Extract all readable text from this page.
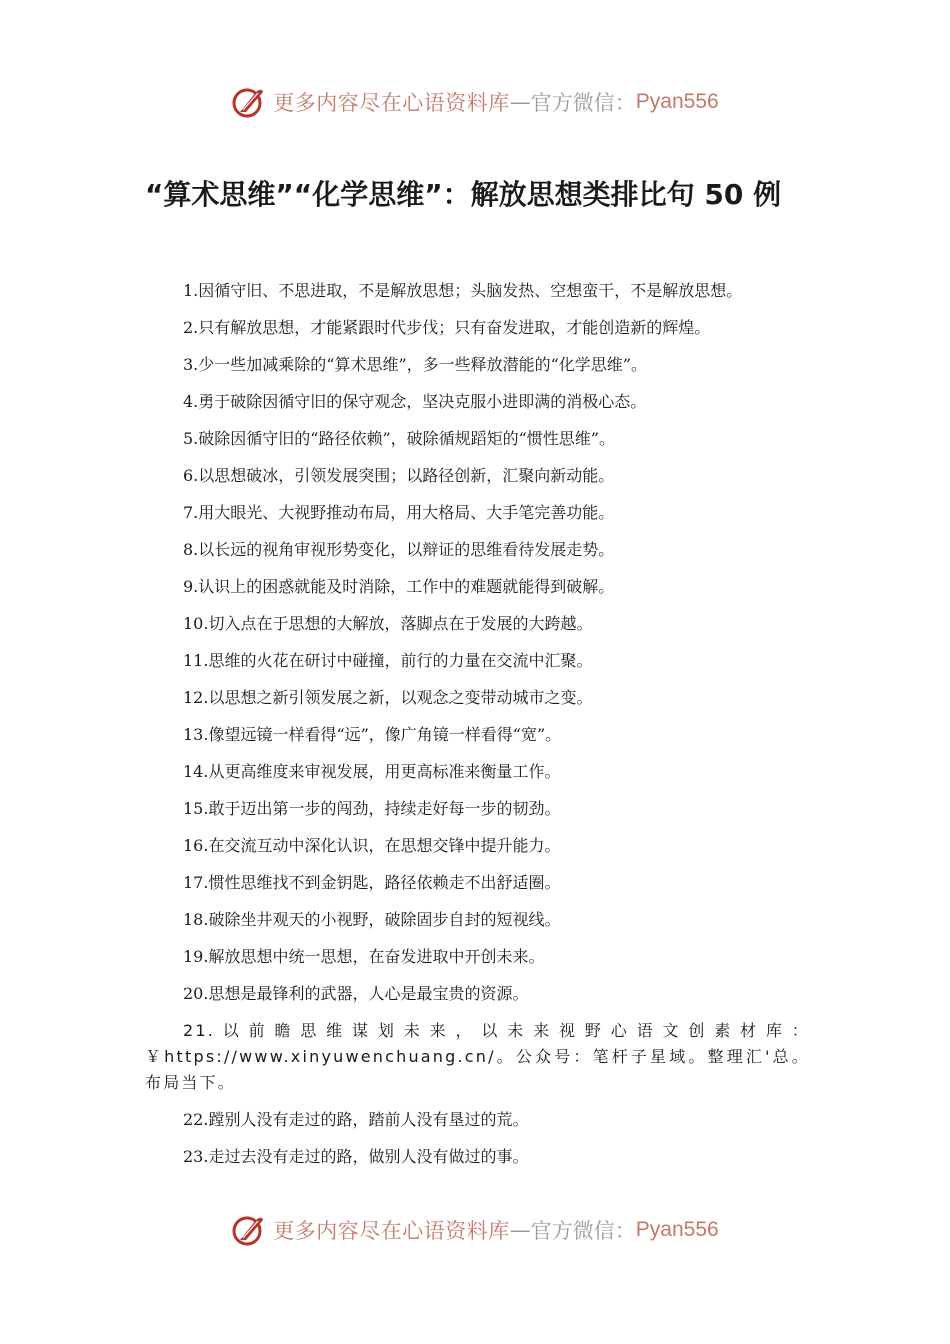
更多内容尽在心语资料库 — 官方微信： Pyan556
“算术思维”“化学思维”：解放思想类排比句 50 例

1.因循守旧、不思进取，不是解放思想；头脑发热、空想蛮干，不是解放思想。

2.只有解放思想，才能紧跟时代步伐；只有奋发进取，才能创造新的辉煌。

3.少一些加减乘除的“算术思维”，多一些释放潜能的“化学思维”。

4.勇于破除因循守旧的保守观念，坚决克服小进即满的消极心态。

5.破除因循守旧的“路径依赖”，破除循规蹈矩的“惯性思维”。

6.以思想破冰，引领发展突围；以路径创新，汇聚向新动能。

7.用大眼光、大视野推动布局，用大格局、大手笔完善功能。

8.以长远的视角审视形势变化，以辩证的思维看待发展走势。

9.认识上的困惑就能及时消除，工作中的难题就能得到破解。

10.切入点在于思想的大解放，落脚点在于发展的大跨越。

11.思维的火花在研讨中碰撞，前行的力量在交流中汇聚。

12.以思想之新引领发展之新，以观念之变带动城市之变。

13.像望远镜一样看得“远”，像广角镜一样看得“宽”。

14.从更高维度来审视发展，用更高标准来衡量工作。

15.敢于迈出第一步的闯劲，持续走好每一步的韧劲。

16.在交流互动中深化认识，在思想交锋中提升能力。

17.惯性思维找不到金钥匙，路径依赖走不出舒适圈。

18.破除坐井观天的小视野，破除固步自封的短视线。

19.解放思想中统一思想，在奋发进取中开创未来。

20.思想是最锋利的武器，人心是最宝贵的资源。

21.以前瞻思维谋划未来，以未来视野心语文创素材库：￥https://www.xinyuwenchuang.cn/。公众号：笔杆子星域。整理汇'总。布局当下。

22.蹚别人没有走过的路，踏前人没有垦过的荒。

23.走过去没有走过的路，做别人没有做过的事。

更多内容尽在心语资料库 — 官方微信： Pyan556
